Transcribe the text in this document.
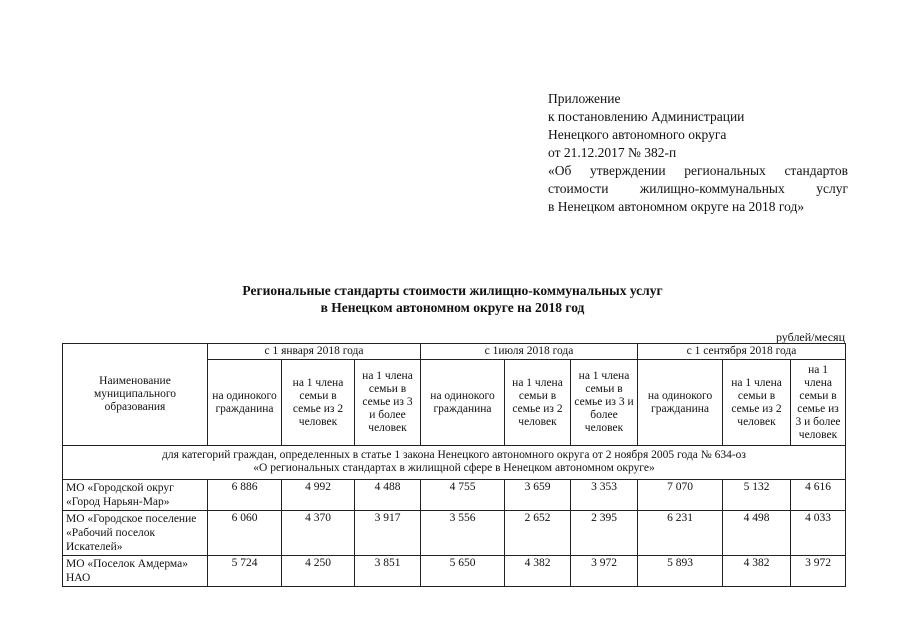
Приложение
к постановлению Администрации
Ненецкого автономного округа
от 21.12.2017 № 382-п
«Об утверждении региональных стандартов
стоимости жилищно-коммунальных услуг
в Ненецком автономном округе на 2018 год»
Региональные стандарты стоимости жилищно-коммунальных услуг
в Ненецком автономном округе на 2018 год
рублей/месяц
Наименование муниципального образования	с 1 января 2018 года			с 1июля 2018 года			с 1 сентября 2018 года		
	на одинокого гражданина	на 1 члена семьи в семье из 2 человек	на 1 члена семьи в семье из 3 и более человек	на одинокого гражданина	на 1 члена семьи в семье из 2 человек	на 1 члена семьи в семье из 3 и более человек	на одинокого гражданина	на 1 члена семьи в семье из 2 человек	на 1 члена семьи в семье из 3 и более человек

для категорий граждан, определенных в статье 1 закона Ненецкого автономного округа от 2 ноября 2005 года № 634-оз
«О региональных стандартах в жилищной сфере в Ненецком автономном округе»									

МО «Городской округ «Город Нарьян-Мар»	6 886	4 992	4 488	4 755	3 659	3 353	7 070	5 132	4 616
МО «Городское поселение «Рабочий поселок Искателей»	6 060	4 370	3 917	3 556	2 652	2 395	6 231	4 498	4 033
МО «Поселок Амдерма» НАО	5 724	4 250	3 851	5 650	4 382	3 972	5 893	4 382	3 972
